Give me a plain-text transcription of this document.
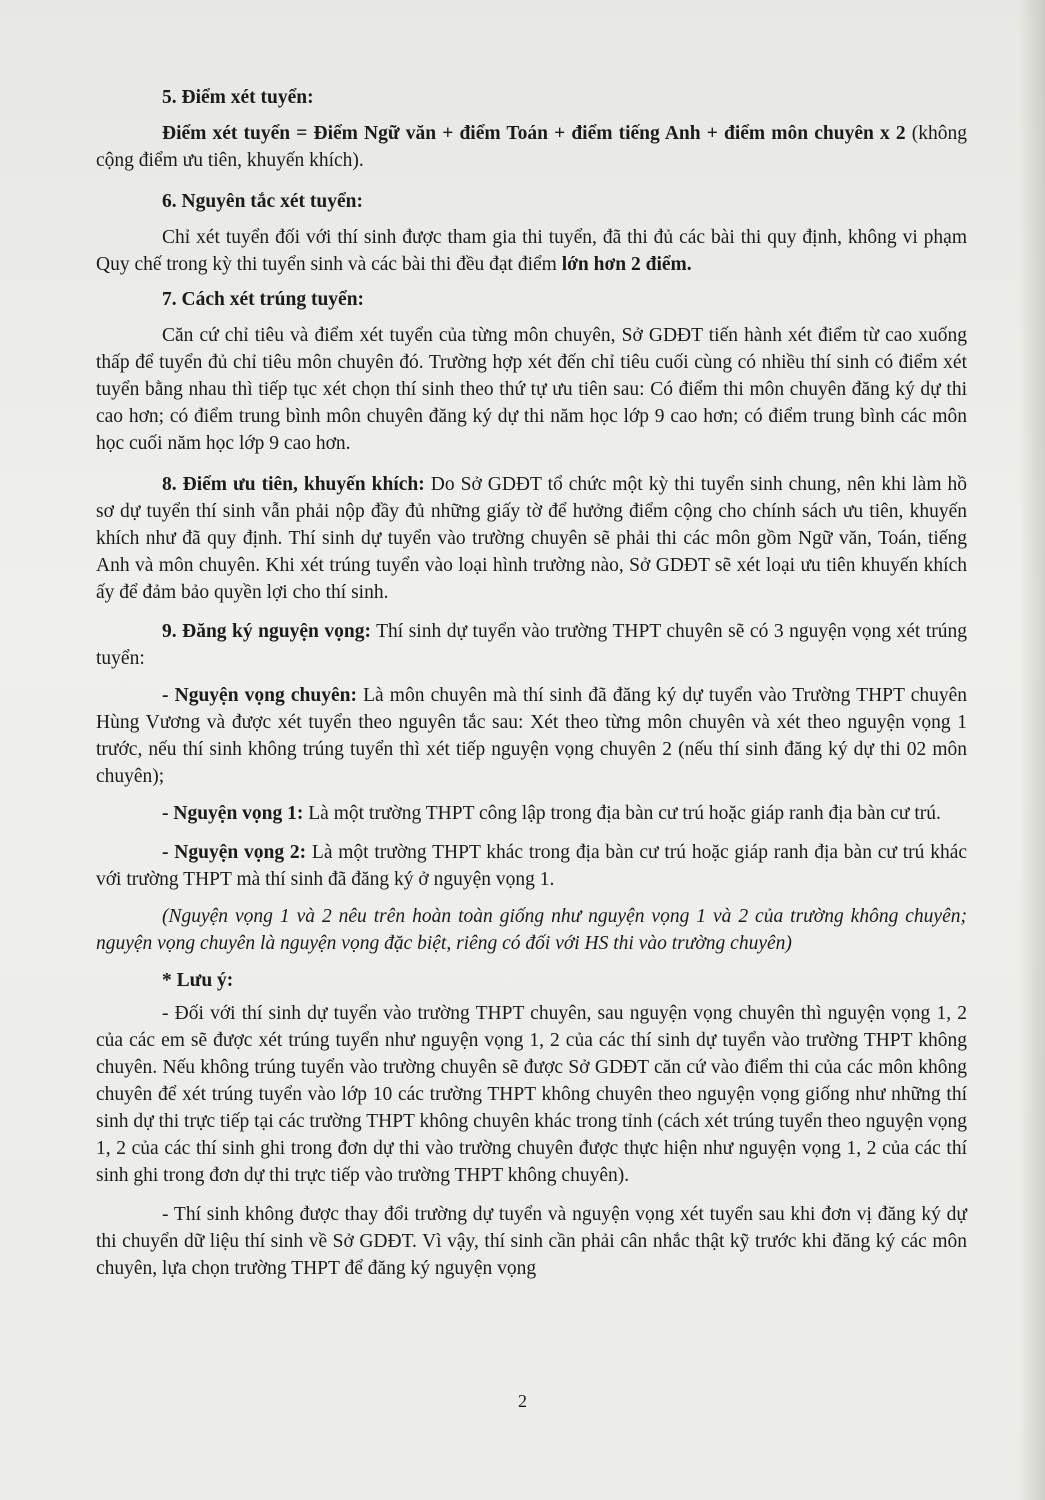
5. Điểm xét tuyển:

Điểm xét tuyển = Điểm Ngữ văn + điểm Toán + điểm tiếng Anh + điểm môn chuyên x 2 (không cộng điểm ưu tiên, khuyến khích).

6. Nguyên tắc xét tuyển:

Chỉ xét tuyển đối với thí sinh được tham gia thi tuyển, đã thi đủ các bài thi quy định, không vi phạm Quy chế trong kỳ thi tuyển sinh và các bài thi đều đạt điểm lớn hơn 2 điểm.

7. Cách xét trúng tuyển:

Căn cứ chỉ tiêu và điểm xét tuyển của từng môn chuyên, Sở GDĐT tiến hành xét điểm từ cao xuống thấp để tuyển đủ chỉ tiêu môn chuyên đó. Trường hợp xét đến chỉ tiêu cuối cùng có nhiều thí sinh có điểm xét tuyển bằng nhau thì tiếp tục xét chọn thí sinh theo thứ tự ưu tiên sau: Có điểm thi môn chuyên đăng ký dự thi cao hơn; có điểm trung bình môn chuyên đăng ký dự thi năm học lớp 9 cao hơn; có điểm trung bình các môn học cuối năm học lớp 9 cao hơn.

8. Điểm ưu tiên, khuyến khích: Do Sở GDĐT tổ chức một kỳ thi tuyển sinh chung, nên khi làm hồ sơ dự tuyển thí sinh vẫn phải nộp đầy đủ những giấy tờ để hưởng điểm cộng cho chính sách ưu tiên, khuyến khích như đã quy định. Thí sinh dự tuyển vào trường chuyên sẽ phải thi các môn gồm Ngữ văn, Toán, tiếng Anh và môn chuyên. Khi xét trúng tuyển vào loại hình trường nào, Sở GDĐT sẽ xét loại ưu tiên khuyến khích ấy để đảm bảo quyền lợi cho thí sinh.

9. Đăng ký nguyện vọng: Thí sinh dự tuyển vào trường THPT chuyên sẽ có 3 nguyện vọng xét trúng tuyển:

- Nguyện vọng chuyên: Là môn chuyên mà thí sinh đã đăng ký dự tuyển vào Trường THPT chuyên Hùng Vương và được xét tuyển theo nguyên tắc sau: Xét theo từng môn chuyên và xét theo nguyện vọng 1 trước, nếu thí sinh không trúng tuyển thì xét tiếp nguyện vọng chuyên 2 (nếu thí sinh đăng ký dự thi 02 môn chuyên);

- Nguyện vọng 1: Là một trường THPT công lập trong địa bàn cư trú hoặc giáp ranh địa bàn cư trú.

- Nguyện vọng 2: Là một trường THPT khác trong địa bàn cư trú hoặc giáp ranh địa bàn cư trú khác với trường THPT mà thí sinh đã đăng ký ở nguyện vọng 1.

(Nguyện vọng 1 và 2 nêu trên hoàn toàn giống như nguyện vọng 1 và 2 của trường không chuyên; nguyện vọng chuyên là nguyện vọng đặc biệt, riêng có đối với HS thi vào trường chuyên)

* Lưu ý:

- Đối với thí sinh dự tuyển vào trường THPT chuyên, sau nguyện vọng chuyên thì nguyện vọng 1, 2 của các em sẽ được xét trúng tuyển như nguyện vọng 1, 2 của các thí sinh dự tuyển vào trường THPT không chuyên. Nếu không trúng tuyển vào trường chuyên sẽ được Sở GDĐT căn cứ vào điểm thi của các môn không chuyên để xét trúng tuyển vào lớp 10 các trường THPT không chuyên theo nguyện vọng giống như những thí sinh dự thi trực tiếp tại các trường THPT không chuyên khác trong tỉnh (cách xét trúng tuyển theo nguyện vọng 1, 2 của các thí sinh ghi trong đơn dự thi vào trường chuyên được thực hiện như nguyện vọng 1, 2 của các thí sinh ghi trong đơn dự thi trực tiếp vào trường THPT không chuyên).

- Thí sinh không được thay đổi trường dự tuyển và nguyện vọng xét tuyển sau khi đơn vị đăng ký dự thi chuyển dữ liệu thí sinh về Sở GDĐT. Vì vậy, thí sinh cần phải cân nhắc thật kỹ trước khi đăng ký các môn chuyên, lựa chọn trường THPT để đăng ký nguyện vọng

2
